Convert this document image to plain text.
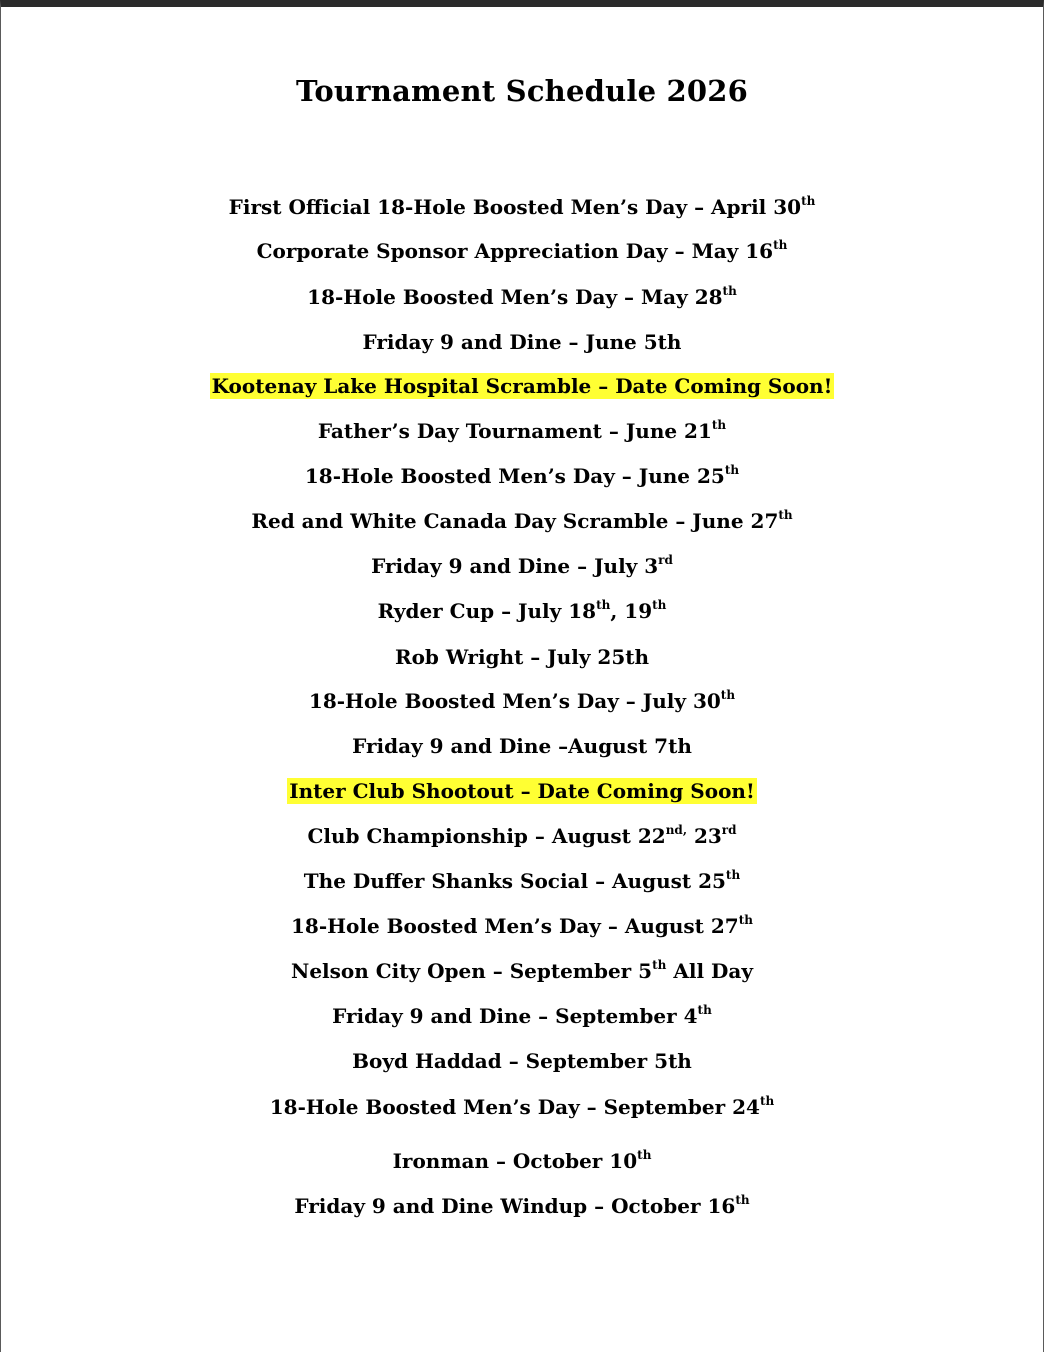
Tournament Schedule 2026
First Official 18-Hole Boosted Men’s Day – April 30th
Corporate Sponsor Appreciation Day – May 16th
18-Hole Boosted Men’s Day – May 28th
Friday 9 and Dine – June 5th
Kootenay Lake Hospital Scramble – Date Coming Soon!
Father’s Day Tournament – June 21th
18-Hole Boosted Men’s Day – June 25th
Red and White Canada Day Scramble – June 27th
Friday 9 and Dine – July 3rd
Ryder Cup – July 18th, 19th
Rob Wright – July 25th
18-Hole Boosted Men’s Day – July 30th
Friday 9 and Dine –August 7th
Inter Club Shootout – Date Coming Soon!
Club Championship – August $22^{nd,}$ 23rd
The Duffer Shanks Social – August 25th
18-Hole Boosted Men’s Day – August 27th
Nelson City Open – September 5th All Day
Friday 9 and Dine – September 4th
Boyd Haddad – September 5th
18-Hole Boosted Men’s Day – September 24th
Ironman – October 10th
Friday 9 and Dine Windup – October 16th
